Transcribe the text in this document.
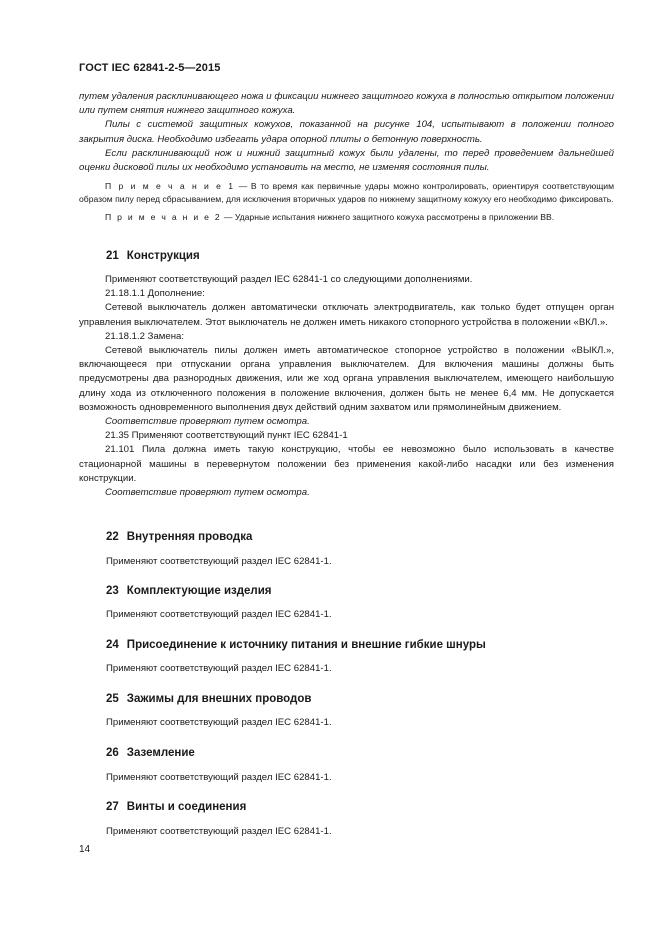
ГОСТ IEC 62841-2-5—2015

путем удаления расклинивающего ножа и фиксации нижнего защитного кожуха в полностью открытом положении или путем снятия нижнего защитного кожуха.

Пилы с системой защитных кожухов, показанной на рисунке 104, испытывают в положении полного закрытия диска. Необходимо избегать удара опорной плиты о бетонную поверхность.

Если расклинивающий нож и нижний защитный кожух были удалены, то перед проведением дальнейшей оценки дисковой пилы их необходимо установить на место, не изменяя состояния пилы.

П р и м е ч а н и е 1 — В то время как первичные удары можно контролировать, ориентируя соответствующим образом пилу перед сбрасыванием, для исключения вторичных ударов по нижнему защитному кожуху его необходимо фиксировать.

П р и м е ч а н и е 2 — Ударные испытания нижнего защитного кожуха рассмотрены в приложении ВВ.

21 Конструкция

Применяют соответствующий раздел IEC 62841-1 со следующими дополнениями.

21.18.1.1 Дополнение:

Сетевой выключатель должен автоматически отключать электродвигатель, как только будет отпущен орган управления выключателем. Этот выключатель не должен иметь никакого стопорного устройства в положении «ВКЛ.».

21.18.1.2 Замена:

Сетевой выключатель пилы должен иметь автоматическое стопорное устройство в положении «ВЫКЛ.», включающееся при отпускании органа управления выключателем. Для включения машины должны быть предусмотрены два разнородных движения, или же ход органа управления выключателем, имеющего наибольшую длину хода из отключенного положения в положение включения, должен быть не менее 6,4 мм. Не допускается возможность одновременного выполнения двух действий одним захватом или прямолинейным движением.

Соответствие проверяют путем осмотра.

21.35 Применяют соответствующий пункт IEC 62841-1

21.101 Пила должна иметь такую конструкцию, чтобы ее невозможно было использовать в качестве стационарной машины в перевернутом положении без применения какой-либо насадки или без изменения конструкции.

Соответствие проверяют путем осмотра.

22 Внутренняя проводка
Применяют соответствующий раздел IEC 62841-1.
23 Комплектующие изделия
Применяют соответствующий раздел IEC 62841-1.
24 Присоединение к источнику питания и внешние гибкие шнуры
Применяют соответствующий раздел IEC 62841-1.
25 Зажимы для внешних проводов
Применяют соответствующий раздел IEC 62841-1.
26 Заземление
Применяют соответствующий раздел IEC 62841-1.
27 Винты и соединения
Применяют соответствующий раздел IEC 62841-1.
14
